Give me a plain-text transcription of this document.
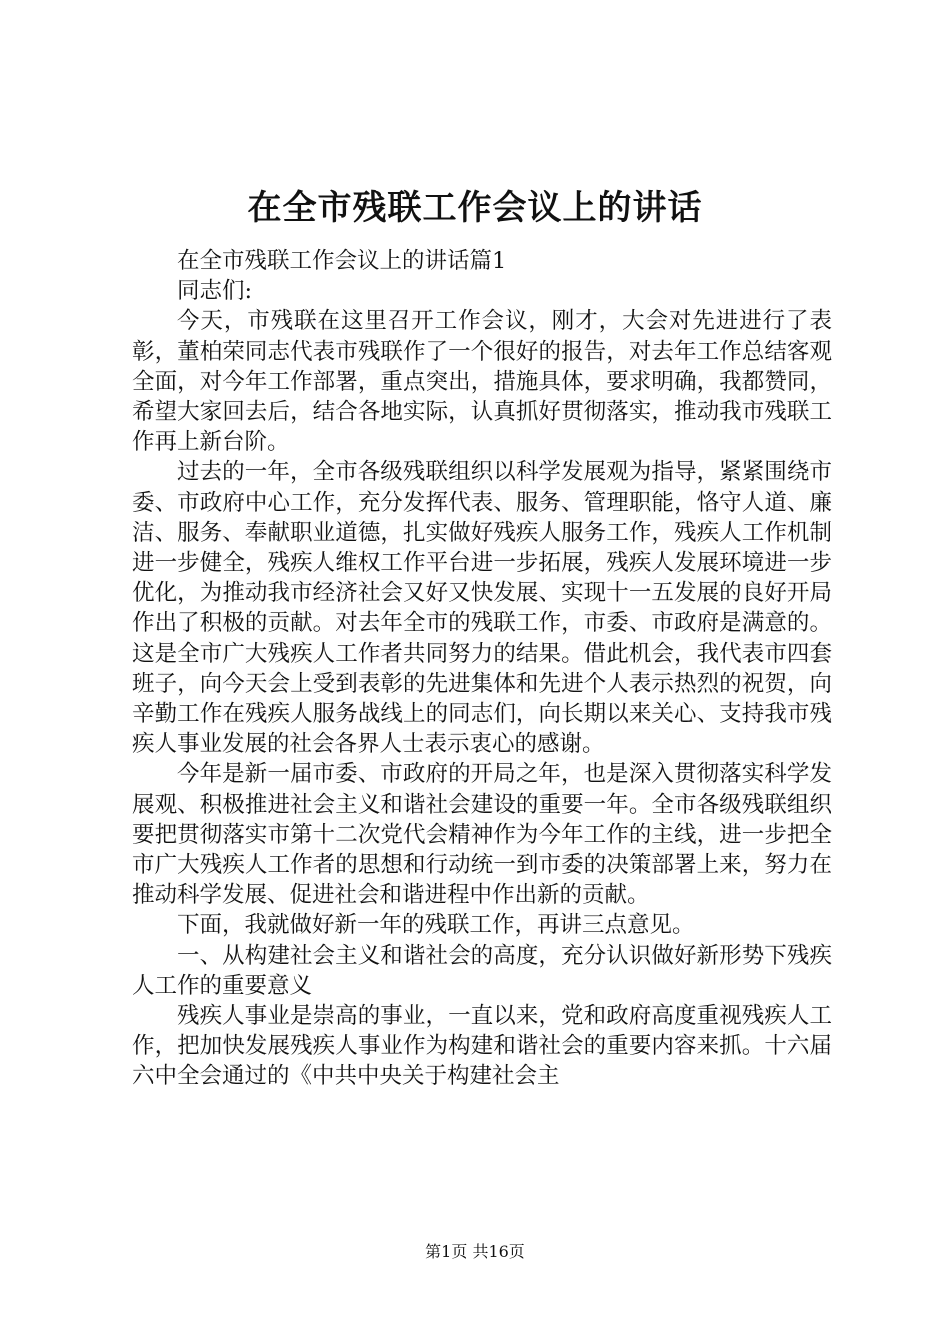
在全市残联工作会议上的讲话

在全市残联工作会议上的讲话篇1

同志们:

今天，市残联在这里召开工作会议，刚才，大会对先进进行了表彰，董柏荣同志代表市残联作了一个很好的报告，对去年工作总结客观全面，对今年工作部署，重点突出，措施具体，要求明确，我都赞同，希望大家回去后，结合各地实际，认真抓好贯彻落实，推动我市残联工作再上新台阶。

过去的一年，全市各级残联组织以科学发展观为指导，紧紧围绕市委、市政府中心工作，充分发挥代表、服务、管理职能，恪守人道、廉洁、服务、奉献职业道德，扎实做好残疾人服务工作，残疾人工作机制进一步健全，残疾人维权工作平台进一步拓展，残疾人发展环境进一步优化，为推动我市经济社会又好又快发展、实现十一五发展的良好开局作出了积极的贡献。对去年全市的残联工作，市委、市政府是满意的。这是全市广大残疾人工作者共同努力的结果。借此机会，我代表市四套班子，向今天会上受到表彰的先进集体和先进个人表示热烈的祝贺，向辛勤工作在残疾人服务战线上的同志们，向长期以来关心、支持我市残疾人事业发展的社会各界人士表示衷心的感谢。

今年是新一届市委、市政府的开局之年，也是深入贯彻落实科学发展观、积极推进社会主义和谐社会建设的重要一年。全市各级残联组织要把贯彻落实市第十二次党代会精神作为今年工作的主线，进一步把全市广大残疾人工作者的思想和行动统一到市委的决策部署上来，努力在推动科学发展、促进社会和谐进程中作出新的贡献。

下面，我就做好新一年的残联工作，再讲三点意见。

一、从构建社会主义和谐社会的高度，充分认识做好新形势下残疾人工作的重要意义

残疾人事业是崇高的事业，一直以来，党和政府高度重视残疾人工作，把加快发展残疾人事业作为构建和谐社会的重要内容来抓。十六届六中全会通过的《中共中央关于构建社会主

第1页 共16页
